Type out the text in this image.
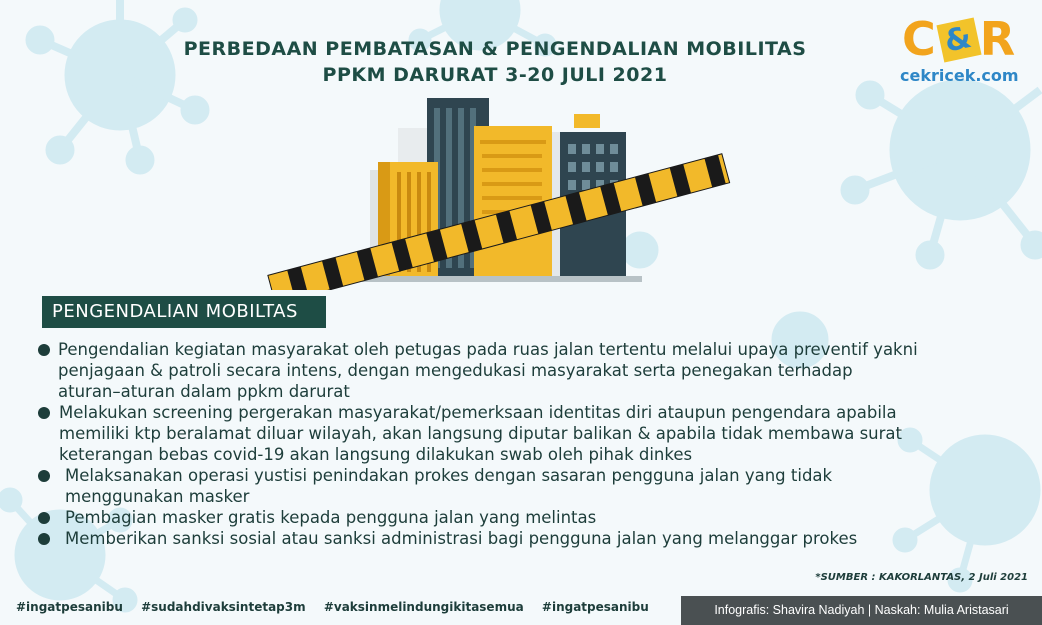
PERBEDAAN PEMBATASAN & PENGENDALIAN MOBILITAS
PPKM DARURAT 3-20 JULI 2021
C &R
cekricek.com
PENGENDALIAN MOBILTAS
Pengendalian kegiatan masyarakat oleh petugas pada ruas jalan tertentu melalui upaya preventif yakni
penjagaan & patroli secara intens, dengan mengedukasi masyarakat serta penegakan terhadap
aturan–aturan dalam ppkm darurat
Melakukan screening pergerakan masyarakat/pemerksaan identitas diri ataupun pengendara apabila
memiliki ktp beralamat diluar wilayah, akan langsung diputar balikan & apabila tidak membawa surat
keterangan bebas covid-19 akan langsung dilakukan swab oleh pihak dinkes
Melaksanakan operasi yustisi penindakan prokes dengan sasaran pengguna jalan yang tidak
menggunakan masker
Pembagian masker gratis kepada pengguna jalan yang melintas
Memberikan sanksi sosial atau sanksi administrasi bagi pengguna jalan yang melanggar prokes
*SUMBER : KAKORLANTAS, 2 Juli 2021
#ingatpesanibu #sudahdivaksintetap3m #vaksinmelindungikitasemua #ingatpesanibu	Infografis: Shavira Nadiyah | Naskah: Mulia Aristasari
